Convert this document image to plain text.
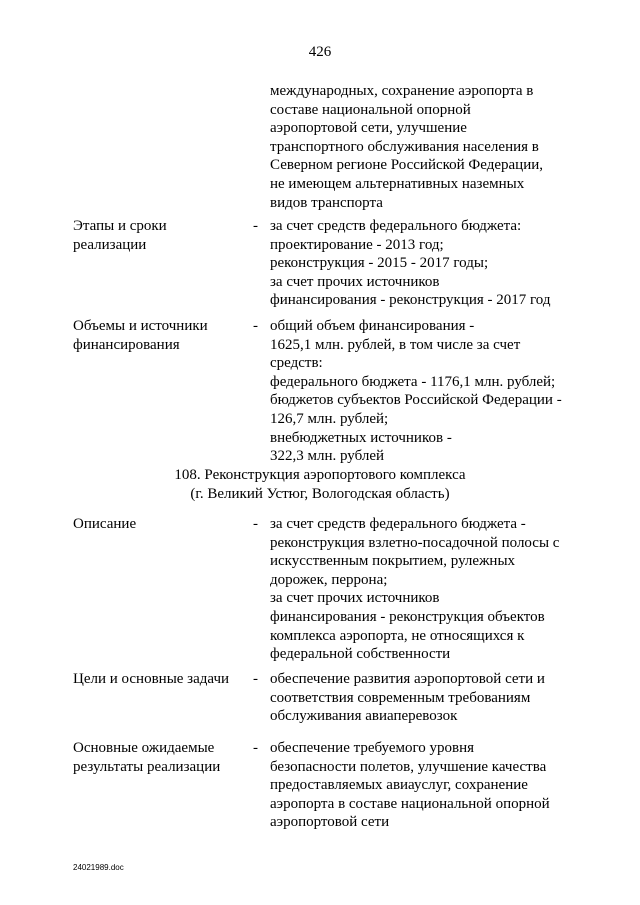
426
международных, сохранение аэропорта в
составе национальной опорной
аэропортовой сети, улучшение
транспортного обслуживания населения в
Северном регионе Российской Федерации,
не имеющем альтернативных наземных
видов транспорта
Этапы и сроки
реализации
- за счет средств федерального бюджета:
проектирование - 2013 год;
реконструкция - 2015 - 2017 годы;
за счет прочих источников
финансирования - реконструкция - 2017 год
Объемы и источники
финансирования
- общий объем финансирования -
1625,1 млн. рублей, в том числе за счет
средств:
федерального бюджета - 1176,1 млн. рублей;
бюджетов субъектов Российской Федерации -
126,7 млн. рублей;
внебюджетных источников -
322,3 млн. рублей
108. Реконструкция аэропортового комплекса
(г. Великий Устюг, Вологодская область)
Описание	- за счет средств федерального бюджета -
реконструкция взлетно-посадочной полосы с
искусственным покрытием, рулежных
дорожек, перрона;
за счет прочих источников
финансирования - реконструкция объектов
комплекса аэропорта, не относящихся к
федеральной собственности
Цели и основные задачи - обеспечение развития аэропортовой сети и
соответствия современным требованиям
обслуживания авиаперевозок
Основные ожидаемые
результаты реализации
- обеспечение требуемого уровня
безопасности полетов, улучшение качества
предоставляемых авиауслуг, сохранение
аэропорта в составе национальной опорной
аэропортовой сети
24021989.doc
